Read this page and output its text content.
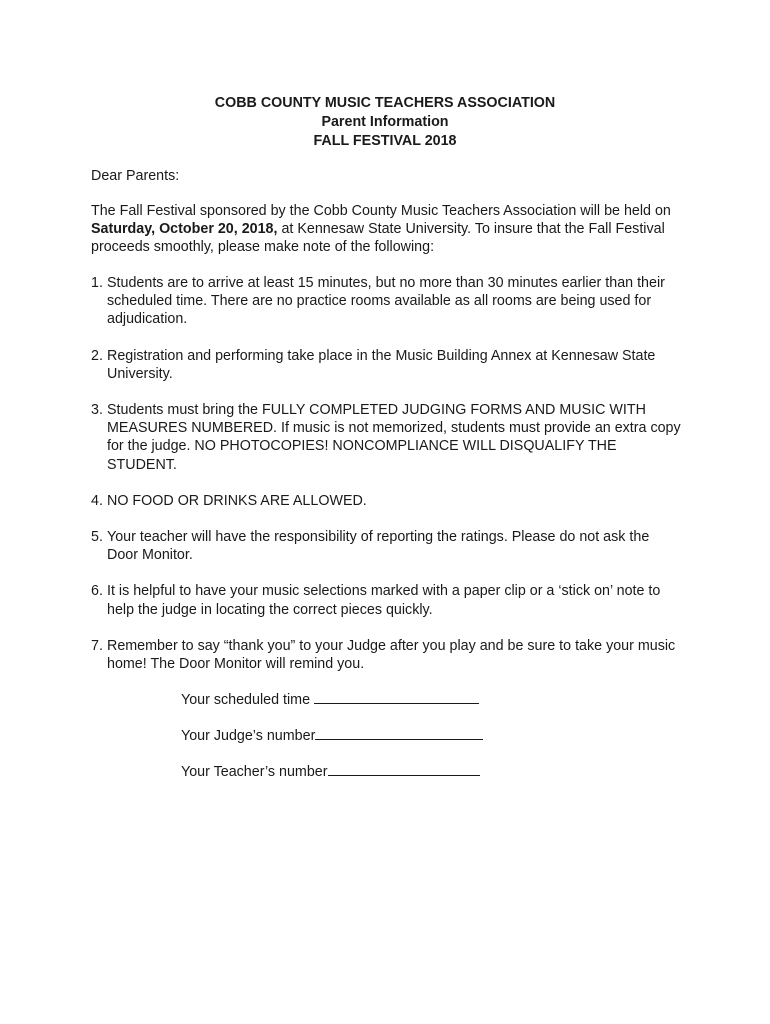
COBB COUNTY MUSIC TEACHERS ASSOCIATION
Parent Information
FALL FESTIVAL 2018
Dear Parents:
The Fall Festival sponsored by the Cobb County Music Teachers Association will be held on Saturday, October 20, 2018, at Kennesaw State University. To insure that the Fall Festival proceeds smoothly, please make note of the following:
1. Students are to arrive at least 15 minutes, but no more than 30 minutes earlier than their scheduled time. There are no practice rooms available as all rooms are being used for adjudication.
2. Registration and performing take place in the Music Building Annex at Kennesaw State University.
3. Students must bring the FULLY COMPLETED JUDGING FORMS AND MUSIC WITH MEASURES NUMBERED. If music is not memorized, students must provide an extra copy for the judge. NO PHOTOCOPIES! NONCOMPLIANCE WILL DISQUALIFY THE STUDENT.
4. NO FOOD OR DRINKS ARE ALLOWED.
5. Your teacher will have the responsibility of reporting the ratings. Please do not ask the Door Monitor.
6. It is helpful to have your music selections marked with a paper clip or a ‘stick on’ note to help the judge in locating the correct pieces quickly.
7. Remember to say “thank you” to your Judge after you play and be sure to take your music home! The Door Monitor will remind you.
Your scheduled time
Your Judge’s number
Your Teacher’s number
